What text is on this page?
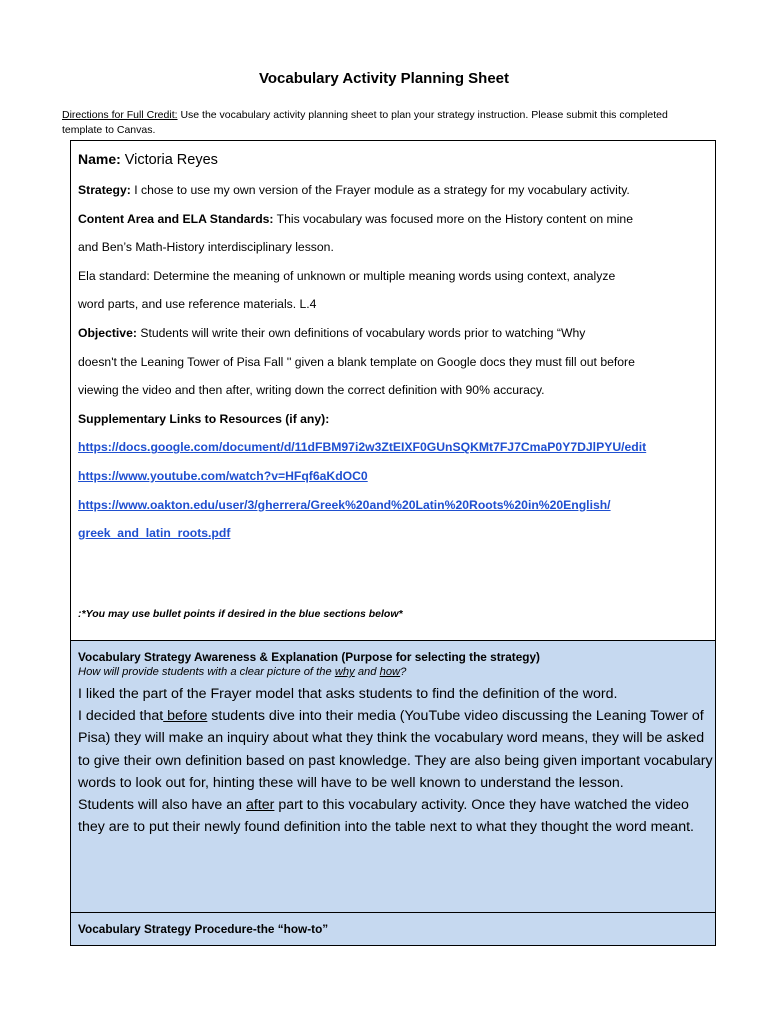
Vocabulary Activity Planning Sheet
Directions for Full Credit: Use the vocabulary activity planning sheet to plan your strategy instruction. Please submit this completed template to Canvas.
Name: Victoria Reyes
Strategy: I chose to use my own version of the Frayer module as a strategy for my vocabulary activity.
Content Area and ELA Standards: This vocabulary was focused more on the History content on mine
and Ben’s Math-History interdisciplinary lesson.
Ela standard: Determine the meaning of unknown or multiple meaning words using context, analyze
word parts, and use reference materials. L.4
Objective: Students will write their own definitions of vocabulary words prior to watching “Why
doesn't the Leaning Tower of Pisa Fall '' given a blank template on Google docs they must fill out before
viewing the video and then after, writing down the correct definition with 90% accuracy.
Supplementary Links to Resources (if any):
https://docs.google.com/document/d/11dFBM97i2w3ZtEIXF0GUnSQKMt7FJ7CmaP0Y7DJlPYU/edit
https://www.youtube.com/watch?v=HFqf6aKdOC0
https://www.oakton.edu/user/3/gherrera/Greek%20and%20Latin%20Roots%20in%20English/
greek_and_latin_roots.pdf
:*You may use bullet points if desired in the blue sections below*
Vocabulary Strategy Awareness & Explanation (Purpose for selecting the strategy)
How will provide students with a clear picture of the why and how?
I liked the part of the Frayer model that asks students to find the definition of the word.
I decided that before students dive into their media (YouTube video discussing the Leaning Tower of Pisa) they will make an inquiry about what they think the vocabulary word means, they will be asked to give their own definition based on past knowledge. They are also being given important vocabulary words to look out for, hinting these will have to be well known to understand the lesson.
Students will also have an after part to this vocabulary activity. Once they have watched the video they are to put their newly found definition into the table next to what they thought the word meant.
Vocabulary Strategy Procedure-the “how-to”
